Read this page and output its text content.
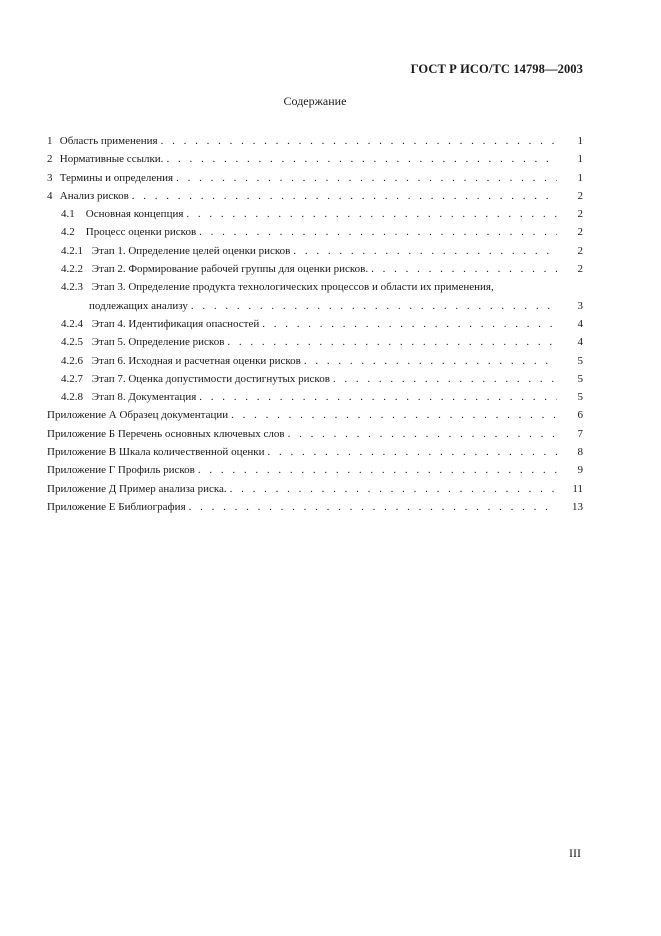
ГОСТ Р ИСО/ТС 14798—2003
Содержание
1 Область применения . . .	1
2 Нормативные ссылки. . . .	1
3 Термины и определения . . .	1
4 Анализ рисков . . .	2
4.1 Основная концепция . . .	2
4.2 Процесс оценки рисков . . .	2
4.2.1 Этап 1. Определение целей оценки рисков . . .	2
4.2.2 Этап 2. Формирование рабочей группы для оценки рисков. . . .	2
4.2.3 Этап 3. Определение продукта технологических процессов и области их применения,
подлежащих анализу . . .	3
4.2.4 Этап 4. Идентификация опасностей . . .	4
4.2.5 Этап 5. Определение рисков . . .	4
4.2.6 Этап 6. Исходная и расчетная оценки рисков . . .	5
4.2.7 Этап 7. Оценка допустимости достигнутых рисков . . .	5
4.2.8 Этап 8. Документация . . .	5
Приложение А Образец документации . . .	6
Приложение Б Перечень основных ключевых слов . . .	7
Приложение В Шкала количественной оценки . . .	8
Приложение Г Профиль рисков . . .	9
Приложение Д Пример анализа риска. . . .	11
Приложение Е Библиография . . .	13
III
